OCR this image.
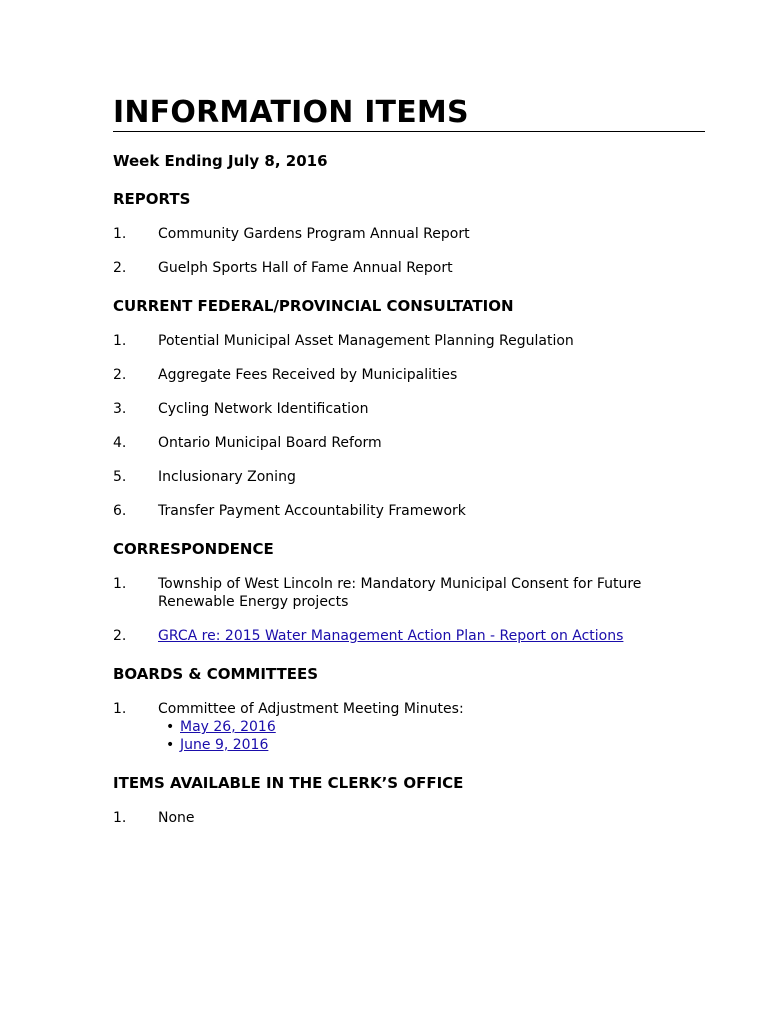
INFORMATION ITEMS
Week Ending July 8, 2016
REPORTS
1.	Community Gardens Program Annual Report
2.	Guelph Sports Hall of Fame Annual Report
CURRENT FEDERAL/PROVINCIAL CONSULTATION
1.	Potential Municipal Asset Management Planning Regulation
2.	Aggregate Fees Received by Municipalities
3.	Cycling Network Identification
4.	Ontario Municipal Board Reform
5.	Inclusionary Zoning
6.	Transfer Payment Accountability Framework
CORRESPONDENCE
1.	Township of West Lincoln re: Mandatory Municipal Consent for Future Renewable Energy projects
2.	GRCA re: 2015 Water Management Action Plan - Report on Actions
BOARDS & COMMITTEES
1.	Committee of Adjustment Meeting Minutes:
• May 26, 2016
• June 9, 2016
ITEMS AVAILABLE IN THE CLERK’S OFFICE
1.	None
